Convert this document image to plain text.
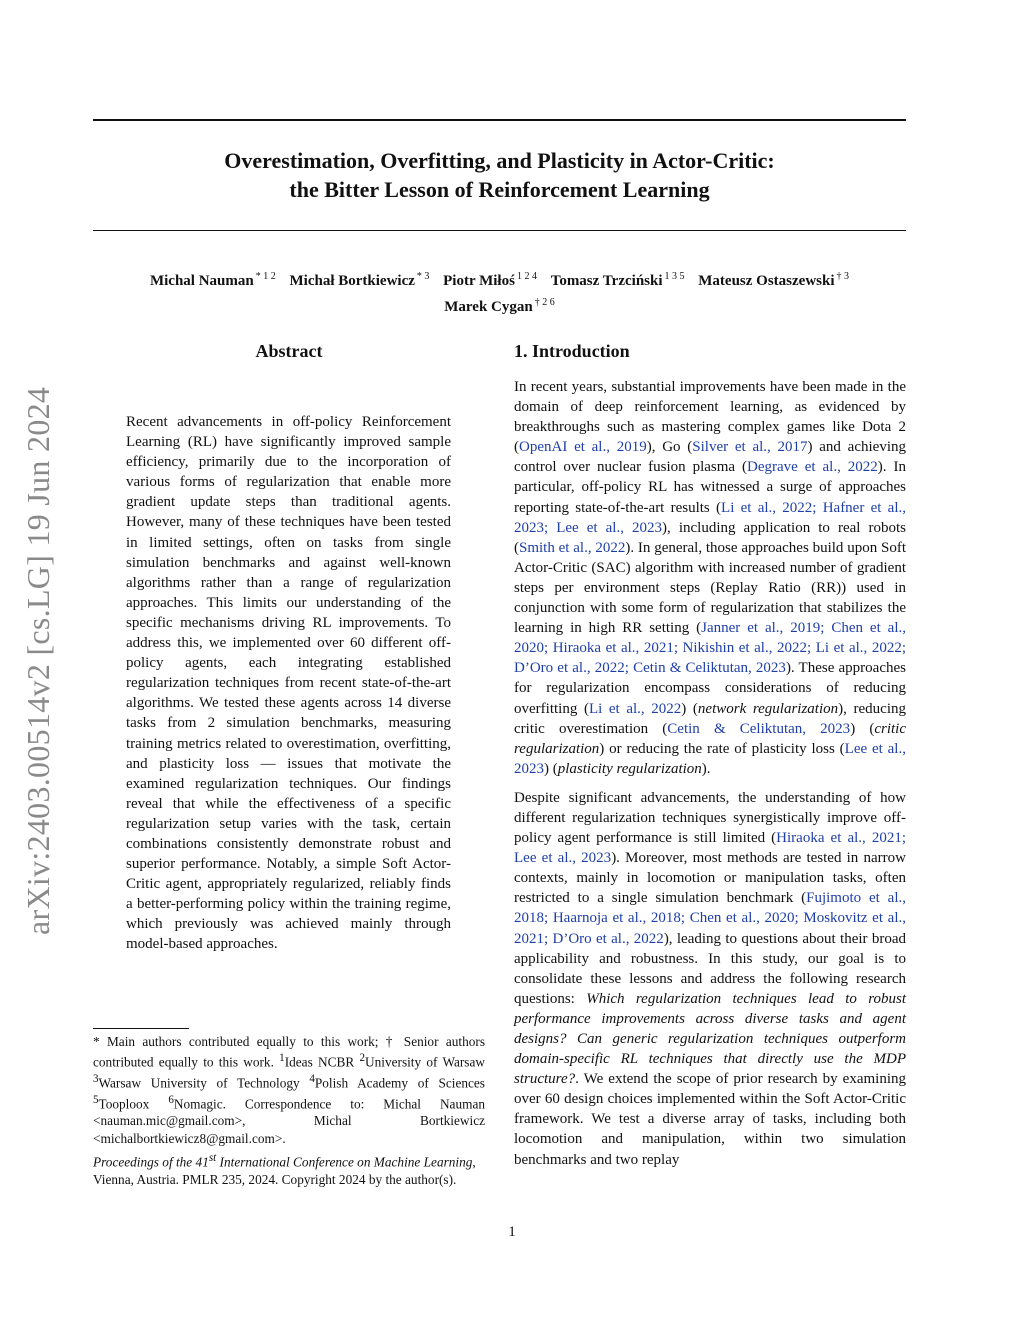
Overestimation, Overfitting, and Plasticity in Actor-Critic:
the Bitter Lesson of Reinforcement Learning
Michal Nauman $^{* 1 2}$ Michał Bortkiewicz $^{* 3}$ Piotr Miłoś $^{1 2 4}$ Tomasz Trzciński $^{1 3 5}$ Mateusz Ostaszewski $^{\dagger 3}$
Marek Cygan $^{\dagger 2 6}$
arXiv:2403.00514v2 [cs.LG] 19 Jun 2024
Abstract
Recent advancements in off-policy Reinforcement Learning (RL) have significantly improved sample efficiency, primarily due to the incorporation of various forms of regularization that enable more gradient update steps than traditional agents. However, many of these techniques have been tested in limited settings, often on tasks from single simulation benchmarks and against well-known algorithms rather than a range of regularization approaches. This limits our understanding of the specific mechanisms driving RL improvements. To address this, we implemented over 60 different off-policy agents, each integrating established regularization techniques from recent state-of-the-art algorithms. We tested these agents across 14 diverse tasks from 2 simulation benchmarks, measuring training metrics related to overestimation, overfitting, and plasticity loss — issues that motivate the examined regularization techniques. Our findings reveal that while the effectiveness of a specific regularization setup varies with the task, certain combinations consistently demonstrate robust and superior performance. Notably, a simple Soft Actor-Critic agent, appropriately regularized, reliably finds a better-performing policy within the training regime, which previously was achieved mainly through model-based approaches.
* Main authors contributed equally to this work; † Senior authors contributed equally to this work. $^1$Ideas NCBR $^2$University of Warsaw $^3$Warsaw University of Technology $^4$Polish Academy of Sciences $^5$Tooploox $^6$Nomagic. Correspondence to: Michal Nauman <nauman.mic@gmail.com>, Michal Bortkiewicz <michalbortkiewicz8@gmail.com>.
Proceedings of the 41st International Conference on Machine Learning, Vienna, Austria. PMLR 235, 2024. Copyright 2024 by the author(s).
1. Introduction

In recent years, substantial improvements have been made in the domain of deep reinforcement learning, as evidenced by breakthroughs such as mastering complex games like Dota 2 (OpenAI et al., 2019), Go (Silver et al., 2017) and achieving control over nuclear fusion plasma (Degrave et al., 2022). In particular, off-policy RL has witnessed a surge of approaches reporting state-of-the-art results (Li et al., 2022; Hafner et al., 2023; Lee et al., 2023), including application to real robots (Smith et al., 2022). In general, those approaches build upon Soft Actor-Critic (SAC) algorithm with increased number of gradient steps per environment steps (Replay Ratio (RR)) used in conjunction with some form of regularization that stabilizes the learning in high RR setting (Janner et al., 2019; Chen et al., 2020; Hiraoka et al., 2021; Nikishin et al., 2022; Li et al., 2022; D’Oro et al., 2022; Cetin & Celiktutan, 2023). These approaches for regularization encompass considerations of reducing overfitting (Li et al., 2022) (network regularization), reducing critic overestimation (Cetin & Celiktutan, 2023) (critic regularization) or reducing the rate of plasticity loss (Lee et al., 2023) (plasticity regularization).

Despite significant advancements, the understanding of how different regularization techniques synergistically improve off-policy agent performance is still limited (Hiraoka et al., 2021; Lee et al., 2023). Moreover, most methods are tested in narrow contexts, mainly in locomotion or manipulation tasks, often restricted to a single simulation benchmark (Fujimoto et al., 2018; Haarnoja et al., 2018; Chen et al., 2020; Moskovitz et al., 2021; D’Oro et al., 2022), leading to questions about their broad applicability and robustness. In this study, our goal is to consolidate these lessons and address the following research questions: Which regularization techniques lead to robust performance improvements across diverse tasks and agent designs? Can generic regularization techniques outperform domain-specific RL techniques that directly use the MDP structure?. We extend the scope of prior research by examining over 60 design choices implemented within the Soft Actor-Critic framework. We test a diverse array of tasks, including both locomotion and manipulation, within two simulation benchmarks and two replay

1
